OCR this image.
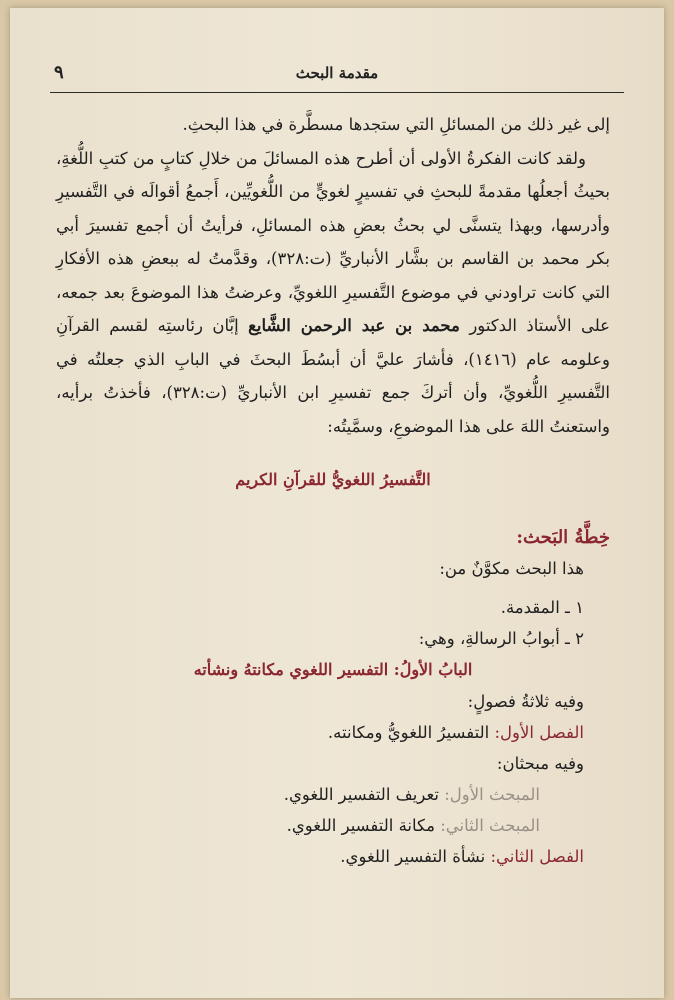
مقدمة البحث
٩

إلى غير ذلك من المسائلِ التي ستجدها مسطَّرة في هذا البحثِ.

ولقد كانت الفكرةُ الأولى أن أطرح هذه المسائلَ من خلالِ كتابٍ من كتبِ اللُّغةِ، بحيثُ أجعلُها مقدمةً للبحثِ في تفسيرٍ لغويٍّ من اللُّغويِّين، أَجمعُ أقوالَه في التَّفسيرِ وأدرسها، وبهذا يتسنَّى لي بحثُ بعضِ هذه المسائلِ، فرأيتُ أن أجمع تفسيرَ أبي بكر محمد بن القاسم بن بشَّار الأنباريِّ (ت:٣٢٨)، وقدَّمتُ له ببعضِ هذه الأفكارِ التي كانت تراودني في موضوع التَّفسيرِ اللغويِّ، وعرضتُ هذا الموضوعَ بعد جمعه، على الأستاذ الدكتور محمد بن عبد الرحمن الشَّايع إبَّان رئاستِه لقسم القرآنِ وعلومه عام (١٤١٦)، فأشارَ عليَّ أن أبسُطَ البحثَ في البابِ الذي جعلتُه في التَّفسيرِ اللُّغويِّ، وأن أتركَ جمع تفسيرِ ابن الأنباريِّ (ت:٣٢٨)، فأخذتُ برأيه، واستعنتُ اللهَ على هذا الموضوعِ، وسمَّيتُه:

التَّفسيرُ اللغويُّ للقرآنِ الكريم
خِطَّةُ البَحث:
هذا البحث مكوَّنٌ من:
١ ـ المقدمة.
٢ ـ أبوابُ الرسالةِ، وهي:
البابُ الأولُ: التفسير اللغوي مكانتهُ ونشأته
وفيه ثلاثةُ فصولٍ:
الفصل الأول: التفسيرُ اللغويُّ ومكانته.
وفيه مبحثان:
المبحث الأول: تعريف التفسير اللغوي.
المبحث الثاني: مكانة التفسير اللغوي.
الفصل الثاني: نشأة التفسير اللغوي.
